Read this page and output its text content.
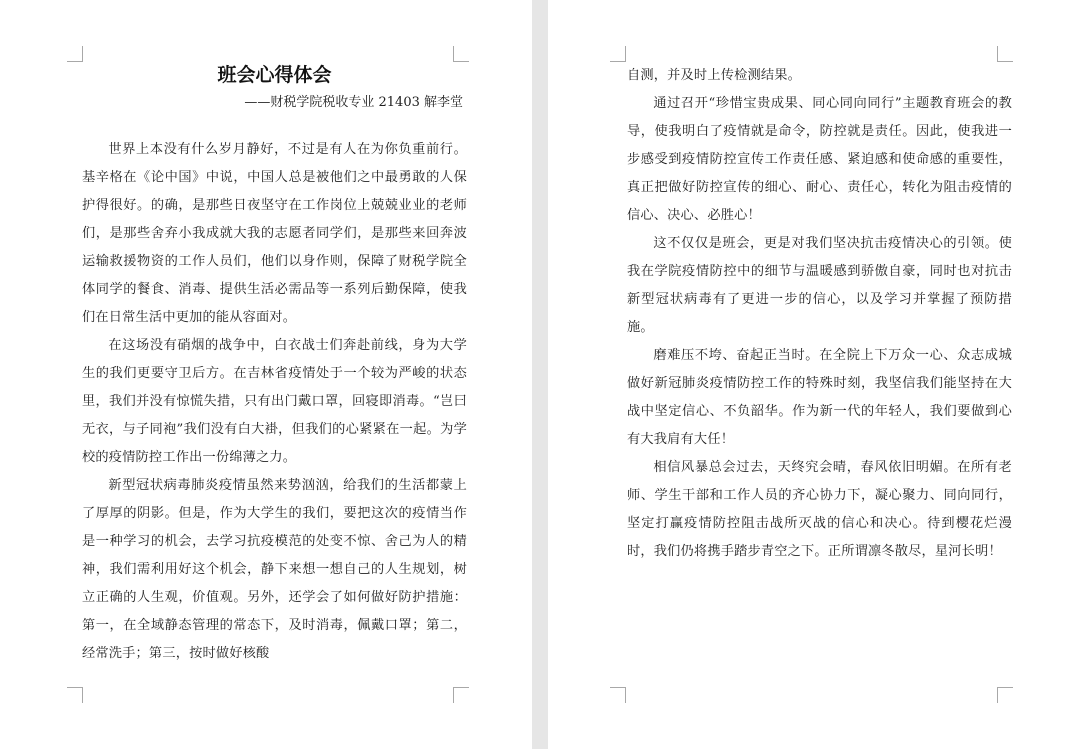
班会心得体会
——财税学院税收专业 21403 解李堂

世界上本没有什么岁月静好，不过是有人在为你负重前行。基辛格在《论中国》中说，中国人总是被他们之中最勇敢的人保护得很好。的确，是那些日夜坚守在工作岗位上兢兢业业的老师们，是那些舍弃小我成就大我的志愿者同学们，是那些来回奔波运输救援物资的工作人员们，他们以身作则，保障了财税学院全体同学的餐食、消毒、提供生活必需品等一系列后勤保障，使我们在日常生活中更加的能从容面对。

在这场没有硝烟的战争中，白衣战士们奔赴前线，身为大学生的我们更要守卫后方。在吉林省疫情处于一个较为严峻的状态里，我们并没有惊慌失措，只有出门戴口罩，回寝即消毒。“岂曰无衣，与子同袍”我们没有白大褂，但我们的心紧紧在一起。为学校的疫情防控工作出一份绵薄之力。

新型冠状病毒肺炎疫情虽然来势汹汹，给我们的生活都蒙上了厚厚的阴影。但是，作为大学生的我们，要把这次的疫情当作是一种学习的机会，去学习抗疫模范的处变不惊、舍己为人的精神，我们需利用好这个机会，静下来想一想自己的人生规划，树立正确的人生观，价值观。另外，还学会了如何做好防护措施：第一，在全域静态管理的常态下，及时消毒，佩戴口罩；第二，经常洗手；第三，按时做好核酸

自测，并及时上传检测结果。

通过召开“珍惜宝贵成果、同心同向同行”主题教育班会的教导，使我明白了疫情就是命令，防控就是责任。因此，使我进一步感受到疫情防控宣传工作责任感、紧迫感和使命感的重要性，真正把做好防控宣传的细心、耐心、责任心，转化为阻击疫情的信心、决心、必胜心！

这不仅仅是班会，更是对我们坚决抗击疫情决心的引领。使我在学院疫情防控中的细节与温暖感到骄傲自豪，同时也对抗击新型冠状病毒有了更进一步的信心，以及学习并掌握了预防措施。

磨难压不垮、奋起正当时。在全院上下万众一心、众志成城做好新冠肺炎疫情防控工作的特殊时刻，我坚信我们能坚持在大战中坚定信心、不负韶华。作为新一代的年轻人，我们要做到心有大我肩有大任！

相信风暴总会过去，天终究会晴，春风依旧明媚。在所有老师、学生干部和工作人员的齐心协力下，凝心聚力、同向同行，坚定打赢疫情防控阻击战所灭战的信心和决心。待到樱花烂漫时，我们仍将携手踏步青空之下。正所谓凛冬散尽，星河长明！
